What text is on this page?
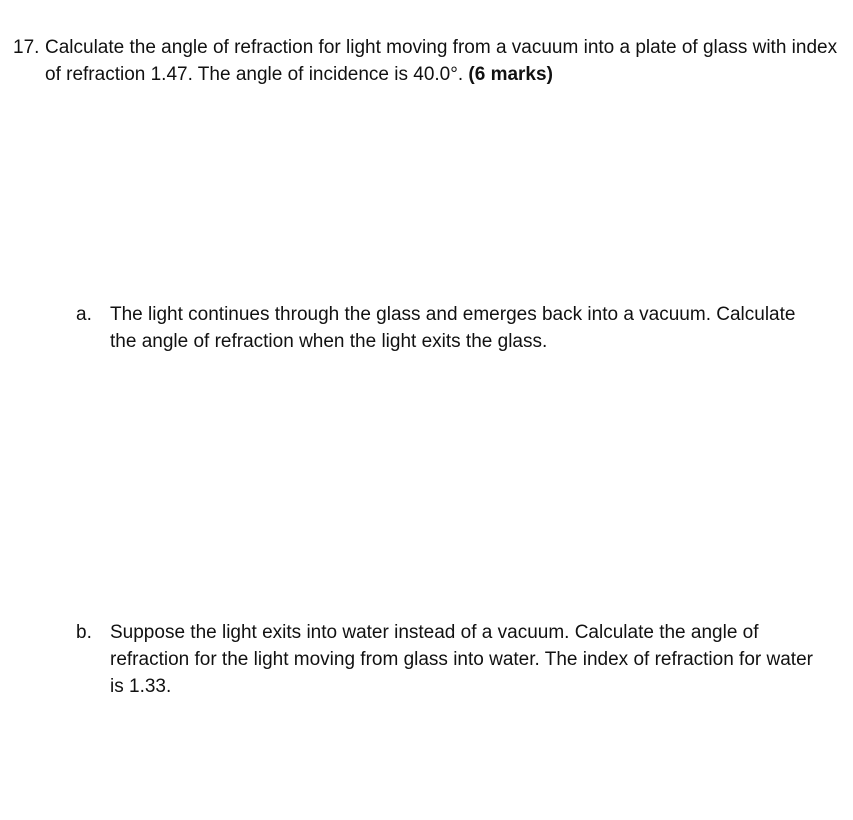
17. Calculate the angle of refraction for light moving from a vacuum into a plate of glass with index of refraction 1.47. The angle of incidence is 40.0°. (6 marks)
a. The light continues through the glass and emerges back into a vacuum. Calculate the angle of refraction when the light exits the glass.
b. Suppose the light exits into water instead of a vacuum. Calculate the angle of refraction for the light moving from glass into water. The index of refraction for water is 1.33.
